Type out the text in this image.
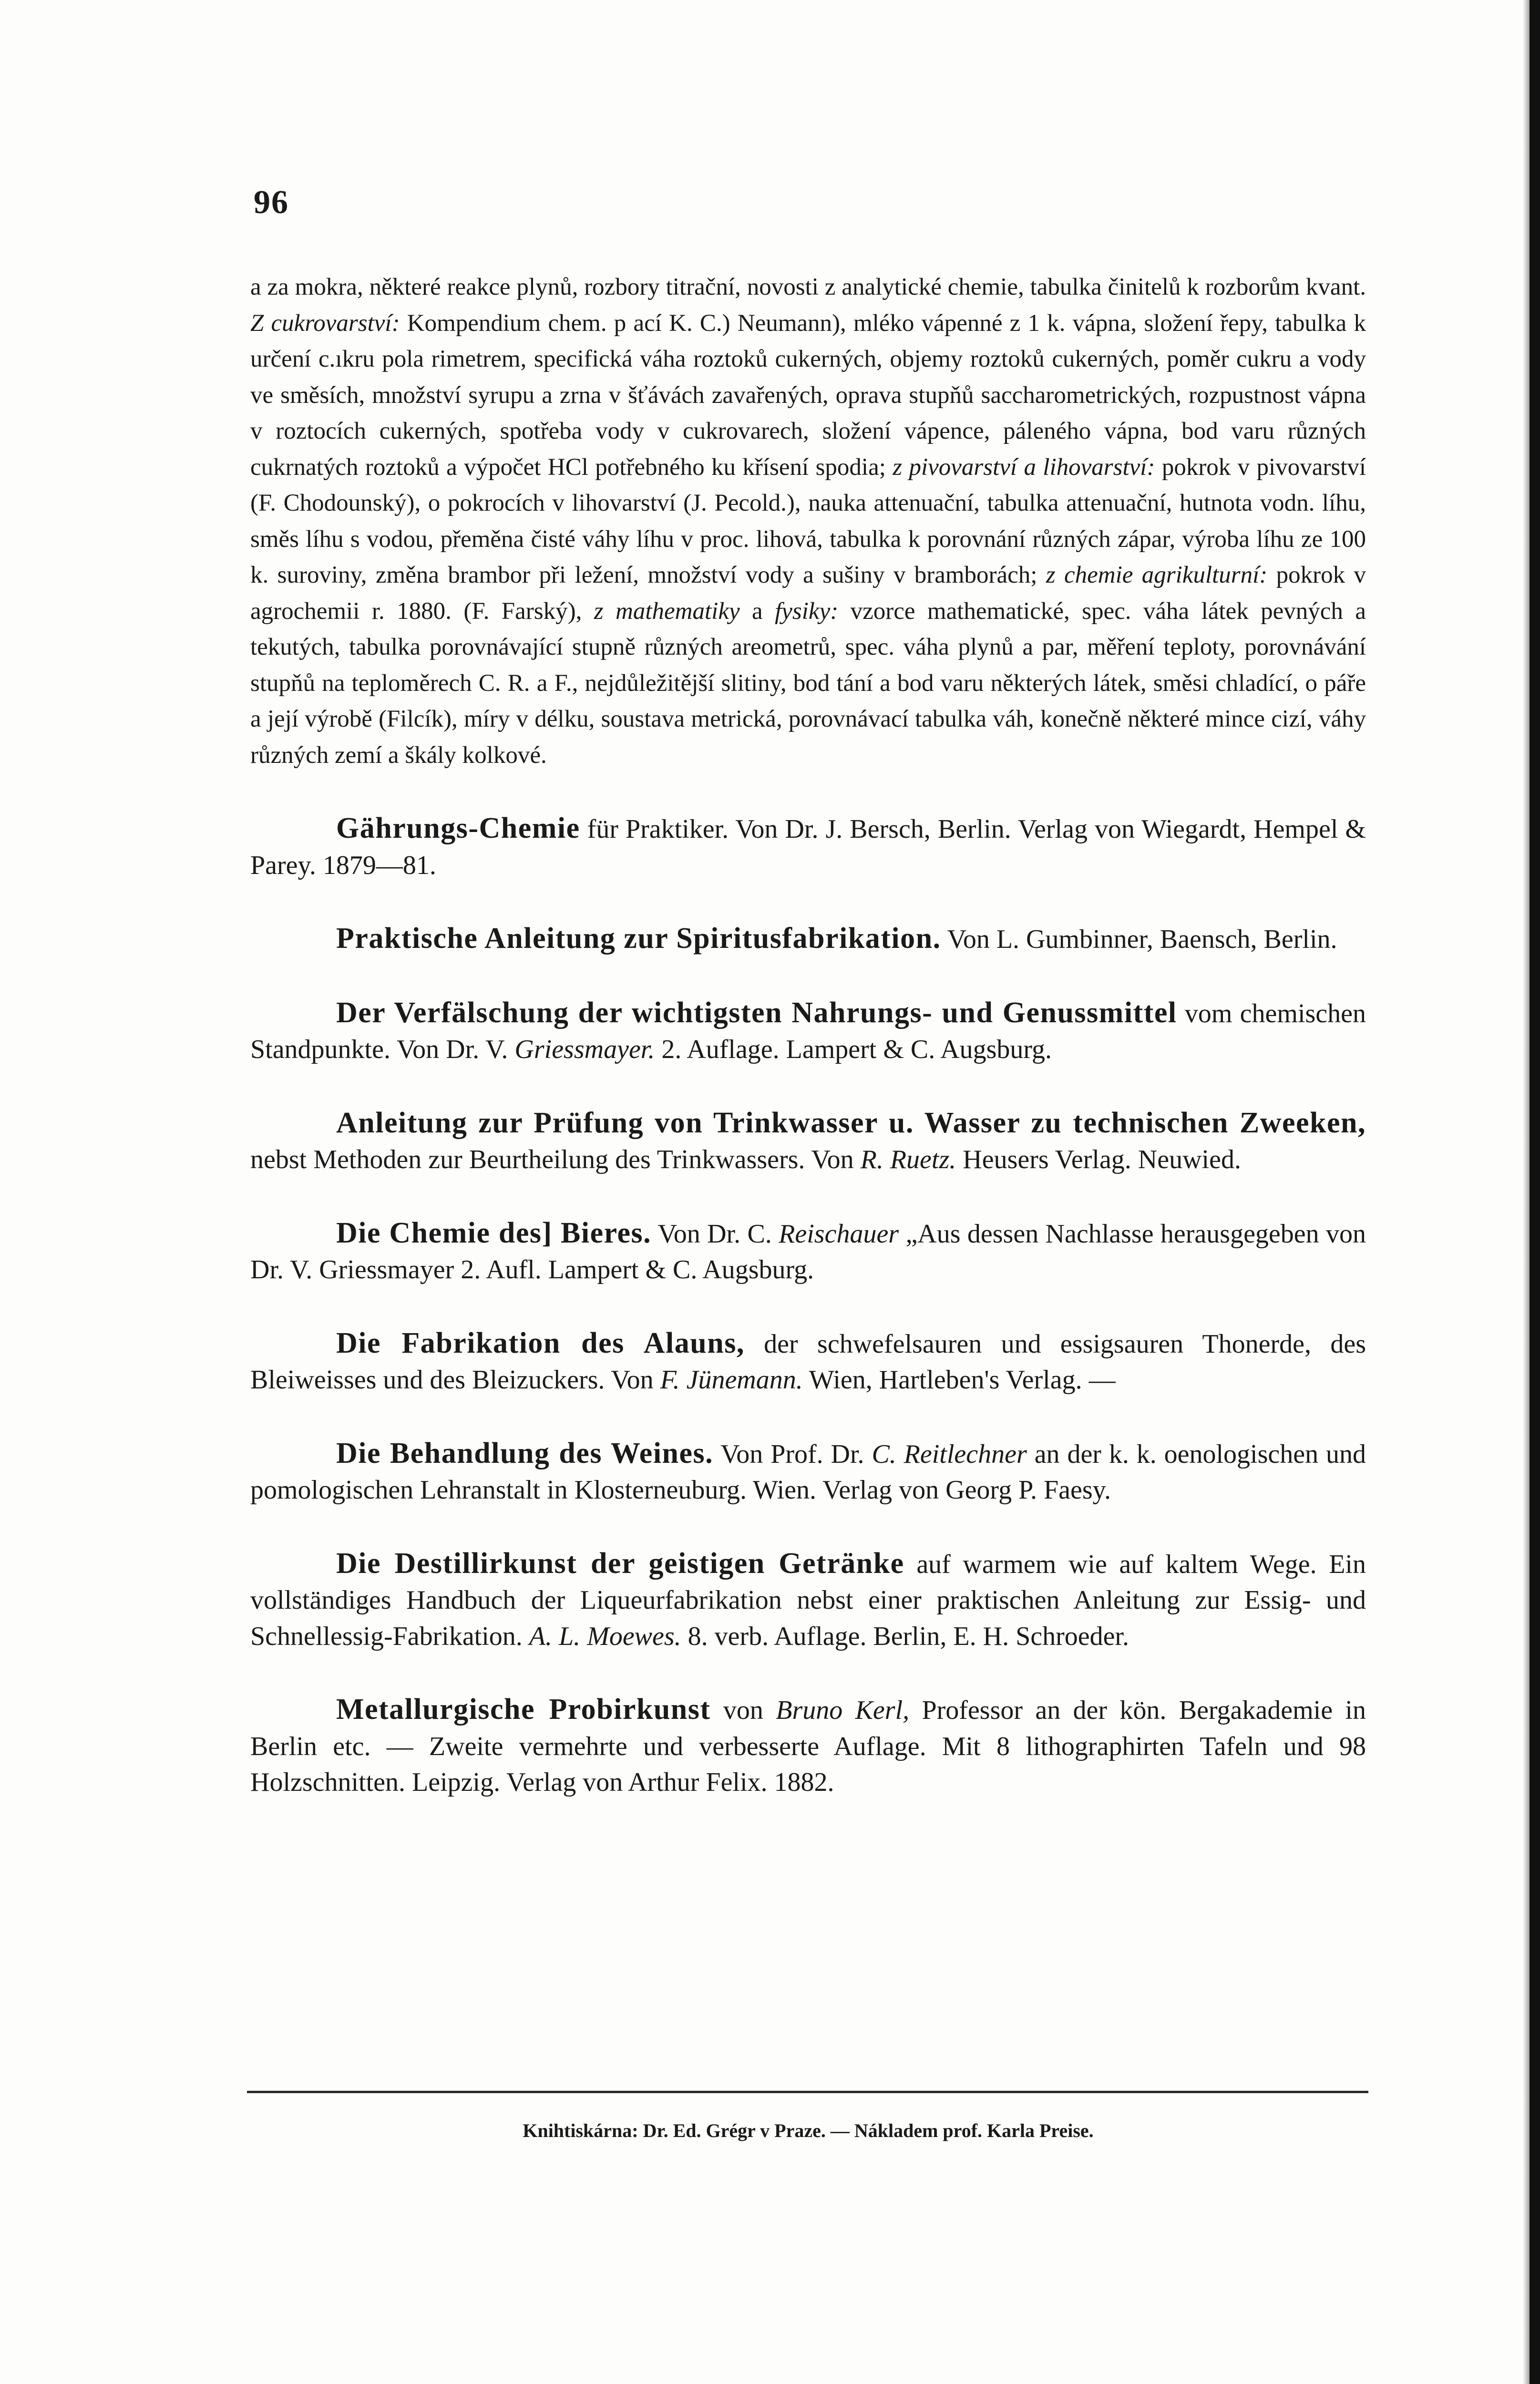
96

a za mokra, některé reakce plynů, rozbory titrační, novosti z analytické chemie, tabulka činitelů k rozborům kvant. Z cukrovarství: Kompendium chem. p ací K. C.) Neumann), mléko vápenné z 1 k. vápna, složení řepy, tabulka k určení c.ıkru pola rimetrem, specifická váha roztoků cukerných, objemy roztoků cukerných, poměr cukru a vody ve směsích, množství syrupu a zrna v šťávách zavařených, oprava stupňů saccharometrických, rozpustnost vápna v roztocích cukerných, spotřeba vody v cukrovarech, složení vápence, páleného vápna, bod varu různých cukrnatých roztoků a výpočet HCl potřebného ku křísení spodia; z pivovarství a lihovarství: pokrok v pivovarství (F. Chodounský), o pokrocích v lihovarství (J. Pecold.), nauka attenuační, tabulka attenuační, hutnota vodn. líhu, směs líhu s vodou, přeměna čisté váhy líhu v proc. lihová, tabulka k porovnání různých zápar, výroba líhu ze 100 k. suroviny, změna brambor při ležení, množství vody a sušiny v bramborách; z chemie agrikulturní: pokrok v agrochemii r. 1880. (F. Farský), z mathematiky a fysiky: vzorce mathematické, spec. váha látek pevných a tekutých, tabulka porovnávající stupně různých areometrů, spec. váha plynů a par, měření teploty, porovnávání stupňů na teploměrech C. R. a F., nejdůležitější slitiny, bod tání a bod varu některých látek, směsi chladící, o páře a její výrobě (Filcík), míry v délku, soustava metrická, porovnávací tabulka váh, konečně některé mince cizí, váhy různých zemí a škály kolkové.

Gährungs-Chemie für Praktiker. Von Dr. J. Bersch, Berlin. Verlag von Wiegardt, Hempel & Parey. 1879—81.

Praktische Anleitung zur Spiritusfabrikation. Von L. Gumbinner, Baensch, Berlin.

Der Verfälschung der wichtigsten Nahrungs- und Genussmittel vom chemischen Standpunkte. Von Dr. V. Griessmayer. 2. Auflage. Lampert & C. Augsburg.

Anleitung zur Prüfung von Trinkwasser u. Wasser zu technischen Zweeken, nebst Methoden zur Beurtheilung des Trinkwassers. Von R. Ruetz. Heusers Verlag. Neuwied.

Die Chemie des] Bieres. Von Dr. C. Reischauer „Aus dessen Nachlasse herausgegeben von Dr. V. Griessmayer 2. Aufl. Lampert & C. Augsburg.

Die Fabrikation des Alauns, der schwefelsauren und essigsauren Thonerde, des Bleiweisses und des Bleizuckers. Von F. Jünemann. Wien, Hartleben's Verlag. —

Die Behandlung des Weines. Von Prof. Dr. C. Reitlechner an der k. k. oenologischen und pomologischen Lehranstalt in Klosterneuburg. Wien. Verlag von Georg P. Faesy.

Die Destillirkunst der geistigen Getränke auf warmem wie auf kaltem Wege. Ein vollständiges Handbuch der Liqueurfabrikation nebst einer praktischen Anleitung zur Essig- und Schnellessig-Fabrikation. A. L. Moewes. 8. verb. Auflage. Berlin, E. H. Schroeder.

Metallurgische Probirkunst von Bruno Kerl, Professor an der kön. Bergakademie in Berlin etc. — Zweite vermehrte und verbesserte Auflage. Mit 8 lithographirten Tafeln und 98 Holzschnitten. Leipzig. Verlag von Arthur Felix. 1882.

Knihtiskárna: Dr. Ed. Grégr v Praze. — Nákladem prof. Karla Preise.
